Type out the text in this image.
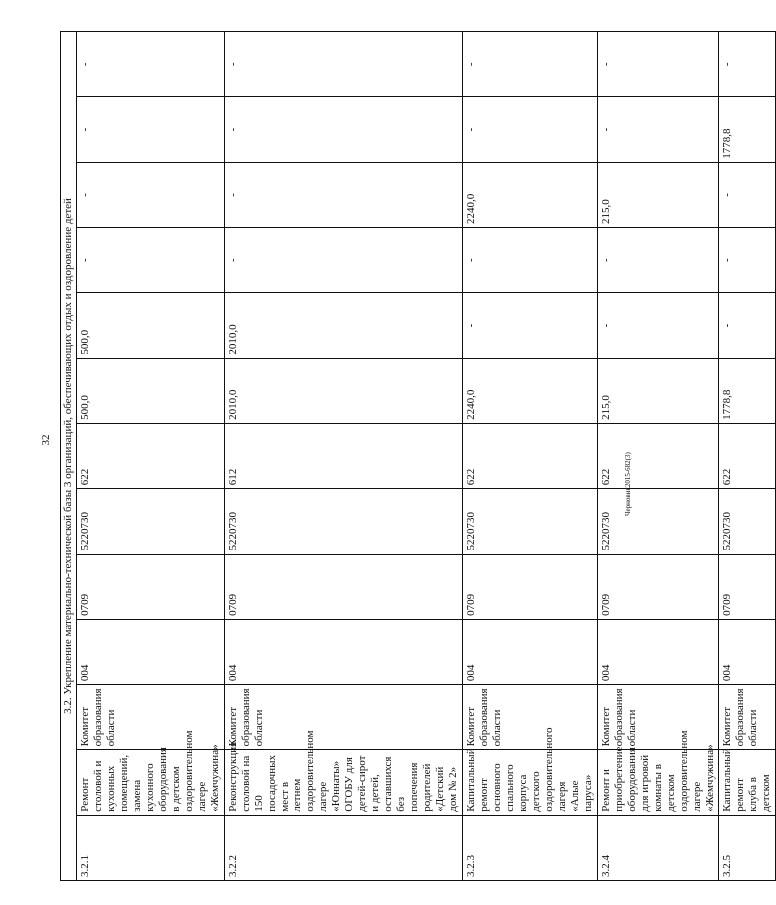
32
Черновик2015-682(3)
3.2. Укрепление материально-технической базы 3 организаций, обеспечивающих отдых и оздоровление детей												
3.2.1	Ремонт столовой и кухонных помещений, замена кухонного оборудования в детском оздоровительном лагере «Жемчужина»	Комитет образования области	004	0709	5220730	622	500,0	500,0	-	-	-	-
3.2.2	Реконструкция столовой на 150 посадочных мест в летнем оздоровительном лагере «Юннаты» ОГОБУ для детей-сирот и детей, оставшихся без попечения родителей «Детский дом № 2»	Комитет образования области	004	0709	5220730	612	2010,0	2010,0	-	-	-	-
3.2.3	Капитальный ремонт основного спального корпуса детского оздоровительного лагеря «Алые паруса»	Комитет образования области	004	0709	5220730	622	2240,0	-	-	2240,0	-	-
3.2.4	Ремонт и приобретение оборудования для игровой комнаты в детском оздоровительном лагере «Жемчужина»	Комитет образования области	004	0709	5220730	622	215,0	-	-	215,0	-	-
3.2.5	Капитальный ремонт клуба в детском	Комитет образования области	004	0709	5220730	622	1778,8	-	-	-	1778,8	-
